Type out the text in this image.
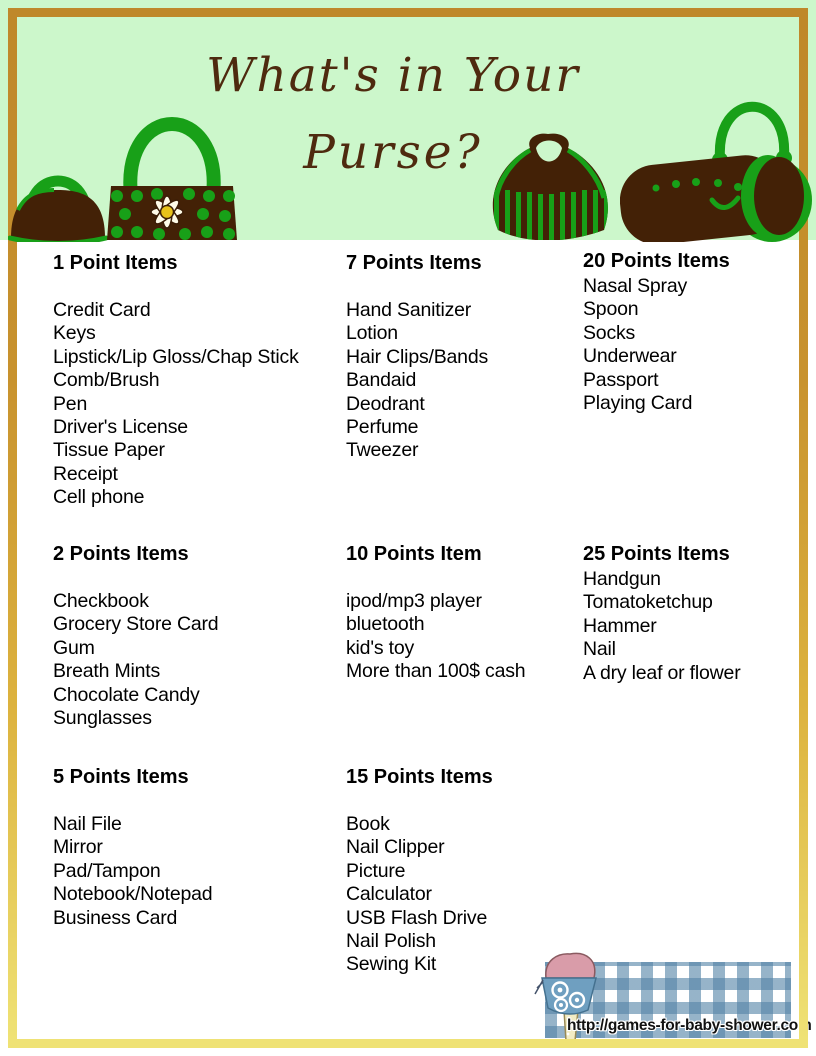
What's in Your
Purse?
1 Point Items
Credit Card
Keys
Lipstick/Lip Gloss/Chap Stick
Comb/Brush
Pen
Driver's License
Tissue Paper
Receipt
Cell phone
7 Points Items
Hand Sanitizer
Lotion
Hair Clips/Bands
Bandaid
Deodrant
Perfume
Tweezer
20 Points Items
Nasal Spray
Spoon
Socks
Underwear
Passport
Playing Card
2 Points Items
Checkbook
Grocery Store Card
Gum
Breath Mints
Chocolate Candy
Sunglasses
10 Points Item
ipod/mp3 player
bluetooth
kid's toy
More than 100$ cash
25 Points Items
Handgun
Tomatoketchup
Hammer
Nail
A dry leaf or flower
5 Points Items
Nail File
Mirror
Pad/Tampon
Notebook/Notepad
Business Card
15 Points Items
Book
Nail Clipper
Picture
Calculator
USB Flash Drive
Nail Polish
Sewing Kit
http://games-for-baby-shower.com
